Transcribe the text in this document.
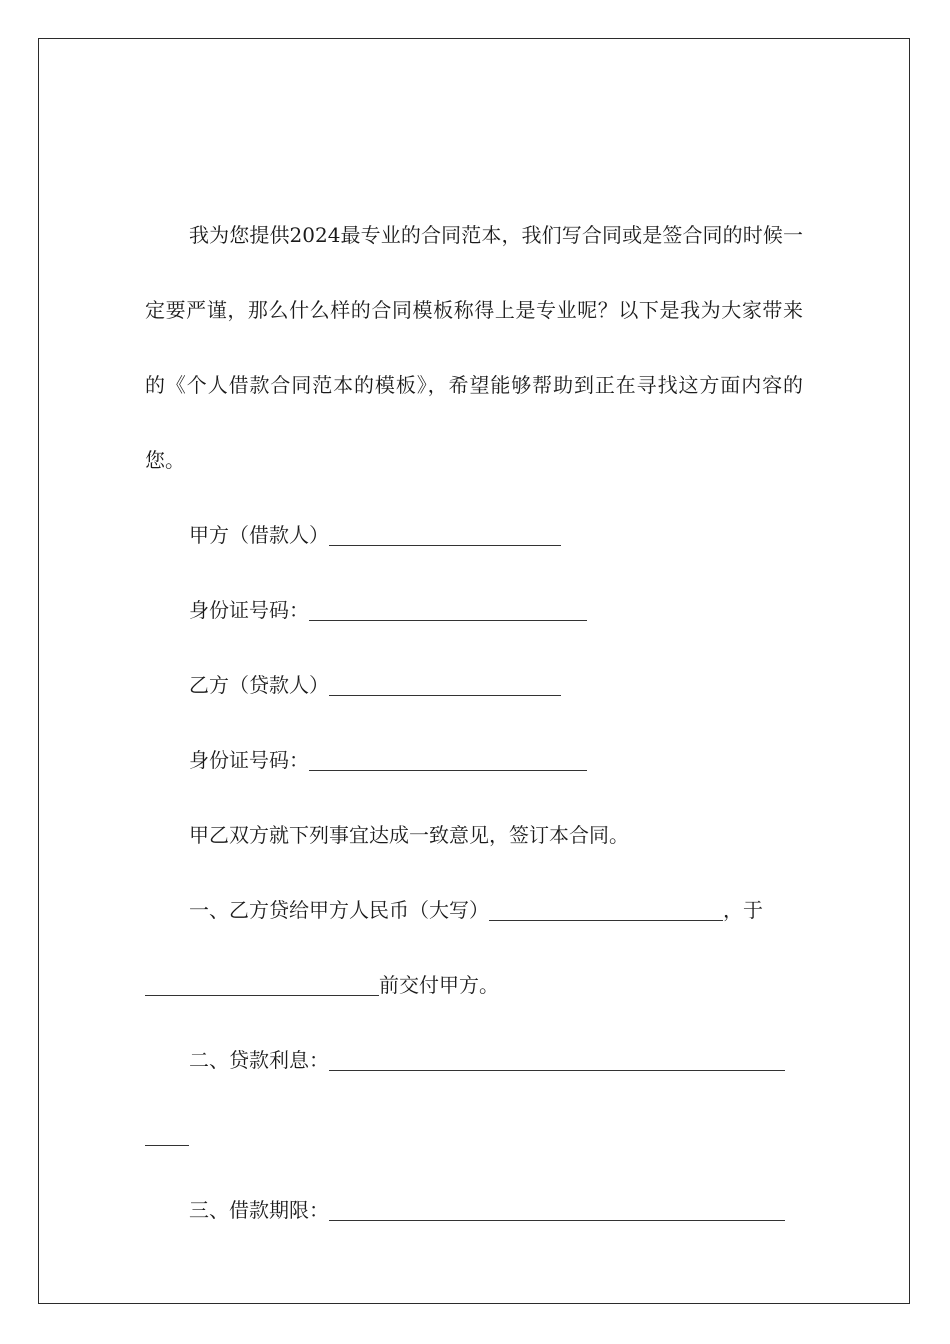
我为您提供2024最专业的合同范本，我们写合同或是签合同的时候一定要严谨，那么什么样的合同模板称得上是专业呢？以下是我为大家带来的《个人借款合同范本的模板》，希望能够帮助到正在寻找这方面内容的您。

甲方（借款人）

身份证号码：

乙方（贷款人）

身份证号码：

甲乙双方就下列事宜达成一致意见，签订本合同。

一、乙方贷给甲方人民币（大写）	，于

前交付甲方。

二、贷款利息：

三、借款期限：
